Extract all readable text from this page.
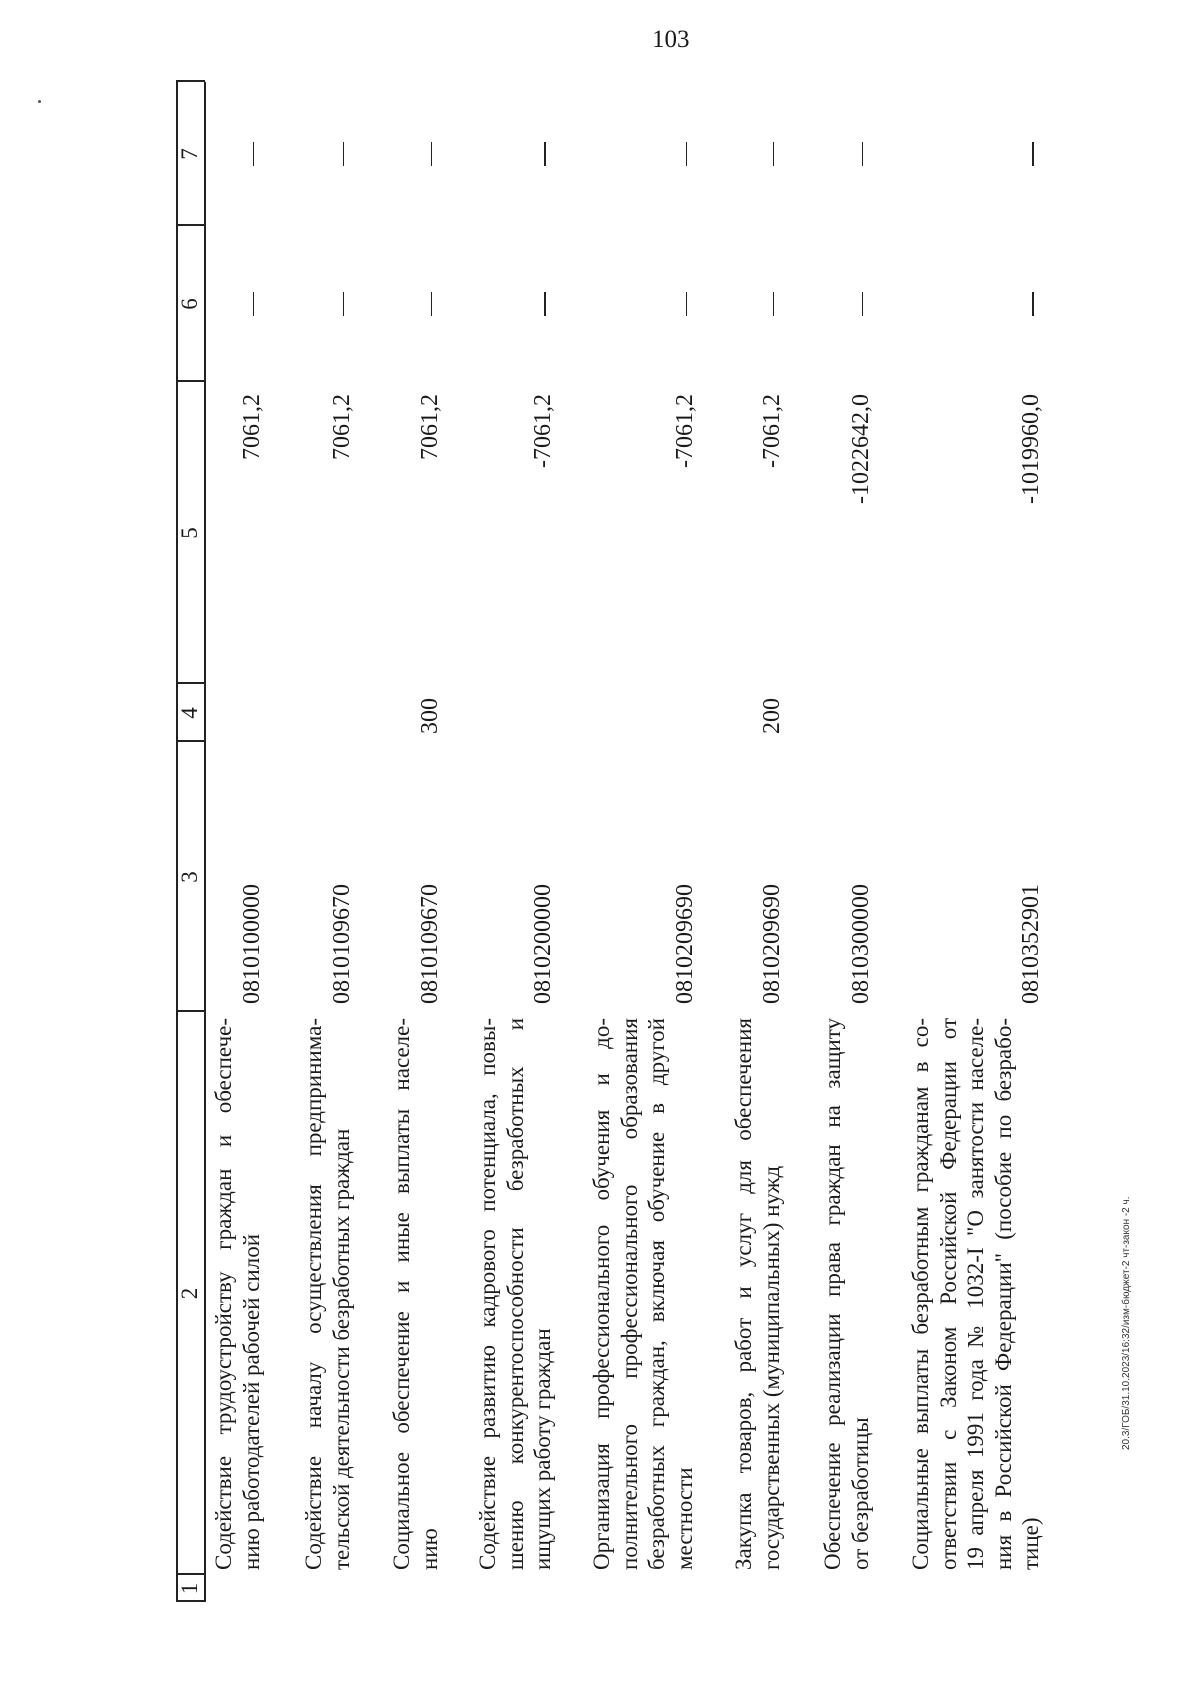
103
20.3/ГОБ/31.10.2023/16:32/изм-бюджет-2 чт-закон -2 ч.
1
2
3
4
5
6
7
Содействие трудоустройству граждан и обеспече- нию работодателей рабочей силой
0810100000
7061,2
Содействие началу осуществления предпринима- тельской деятельности безработных граждан
0810109670
7061,2
Социальное обеспечение и иные выплаты населе- нию
0810109670
300
7061,2
Содействие развитию кадрового потенциала, повы- шению конкурентоспособности безработных и ищущих работу граждан
0810200000
-7061,2
Организация профессионального обучения и до- полнительного профессионального образования безработных граждан, включая обучение в другой местности
0810209690
-7061,2
Закупка товаров, работ и услуг для обеспечения государственных (муниципальных) нужд
0810209690
200
-7061,2
Обеспечение реализации права граждан на защиту от безработицы
0810300000
-1022642,0
Социальные выплаты безработным гражданам в со- ответствии с Законом Российской Федерации от 19 апреля 1991 года № 1032-I "О занятости населе- ния в Российской Федерации" (пособие по безрабо- тице)
0810352901
-1019960,0
